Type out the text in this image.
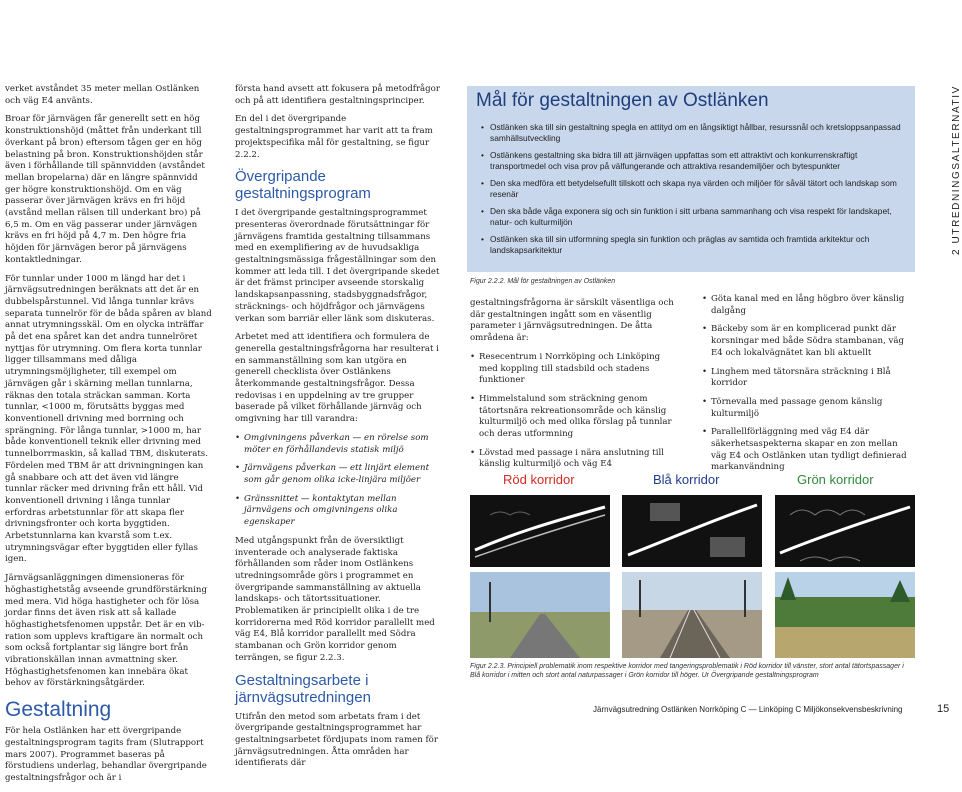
verket avståndet 35 meter mellan Ostlänken och väg E4 använts.

Broar för järnvägen får generellt sett en hög konstruktionshöjd (måttet från underkant till överkant på bron) eftersom tågen ger en hög belastning på bron. Konstruktionshöjden står även i förhållande till spännvidden (avståndet mellan bropelarna) där en längre spännvidd ger högre konstruktionshöjd. Om en väg passerar över järnvägen krävs en fri höjd (avstånd mellan rälsen till underkant bro) på 6,5 m. Om en väg passerar under järnvägen krävs en fri höjd på 4,7 m. Den högre fria höjden för järnvägen beror på järnvägens kontaktledningar.

För tunnlar under 1000 m längd har det i järnvägsutredningen beräknats att det är en dubbelspårstunnel. Vid långa tunnlar krävs separata tunnelrör för de båda spåren av bland annat utrymningsskäl. Om en olycka inträffar på det ena spåret kan det andra tunnelröret nyttjas för utrymning. Om flera korta tunnlar ligger tillsammans med dåliga utrymningsmöjligheter, till exempel om järnvägen går i skärning mellan tunnlarna, räknas den totala sträckan samman. Korta tunnlar, <1000 m, förutsätts byggas med konventionell drivning med borrning och sprängning. För långa tunnlar, >1000 m, har både konventionell teknik eller drivning med tunnelborrmaskin, så kallad TBM, diskuterats. Fördelen med TBM är att drivningningen kan gå snabbare och att det även vid längre tunnlar räcker med drivning från ett håll. Vid konventionell drivning i långa tunnlar erfordras arbetstunnlar för att skapa fler drivningsfronter och korta byggtiden. Arbetstunnlarna kan kvarstå som t.ex. utrymningsvägar efter byggtiden eller fyllas igen.

Järnvägsanläggningen dimensioneras för höghastighetståg avseende grundförstärkning med mera. Vid höga hastigheter och för lösa jordar finns det även risk att så kallade höghastighetsfenomen uppstår. Det är en vib-ration som upplevs kraftigare än normalt och som också fortplantar sig längre bort från vibrationskällan innan avmattning sker. Höghastighetsfenomen kan innebära ökat behov av förstärkningsåtgärder.

Gestaltning

För hela Ostlänken har ett övergripande gestaltningsprogram tagits fram (Slutrapport mars 2007). Programmet baseras på förstudiens underlag, behandlar övergripande gestaltningsfrågor och är i

första hand avsett att fokusera på metodfrågor och på att identifiera gestaltningsprinciper.

En del i det övergripande gestaltningsprogrammet har varit att ta fram projektspecifika mål för gestaltning, se figur 2.2.2.

Övergripande gestaltningsprogram

I det övergripande gestaltningsprogrammet presenteras överordnade förutsättningar för järnvägens framtida gestaltning tillsammans med en exemplifiering av de huvudsakliga gestaltningsmässiga frågeställningar som den kommer att leda till. I det övergripande skedet är det främst principer avseende storskalig landskapsanpassning, stadsbyggnadsfrågor, sträcknings- och höjdfrågor och järnvägens verkan som barriär eller länk som diskuteras.

Arbetet med att identifiera och formulera de generella gestaltningsfrågorna har resulterat i en sammanställning som kan utgöra en generell checklista över Ostlänkens återkommande gestaltningsfrågor. Dessa redovisas i en uppdelning av tre grupper baserade på vilket förhållande järnväg och omgivning har till varandra:

• Omgivningens påverkan — en rörelse som möter en förhållandevis statisk miljö
• Järnvägens påverkan — ett linjärt element som går genom olika icke-linjära miljöer
• Gränssnittet — kontaktytan mellan järnvägens och omgivningens olika egenskaper

Med utgångspunkt från de översiktligt inventerade och analyserade faktiska förhållanden som råder inom Ostlänkens utredningsområde görs i programmet en övergripande sammanställning av aktuella landskaps- och tätortssituationer. Problematiken är principiellt olika i de tre korridorerna med Röd korridor parallellt med väg E4, Blå korridor parallellt med Södra stambanan och Grön korridor genom terrängen, se figur 2.2.3.

Gestaltningsarbete i järnvägsutredningen

Utifrån den metod som arbetats fram i det övergripande gestaltningsprogrammet har gestaltningsarbetet fördjupats inom ramen för järnvägsutredningen. Åtta områden har identifierats där

Mål för gestaltningen av Ostlänken
• Ostlänken ska till sin gestaltning spegla en attityd om en långsiktigt hållbar, resurssnål och kretsloppsanpassad samhällsutveckling
• Ostlänkens gestaltning ska bidra till att järnvägen uppfattas som ett attraktivt och konkurrenskraftigt transportmedel och visa prov på välfungerande och attraktiva resandemiljöer och bytespunkter
• Den ska medföra ett betydelsefullt tillskott och skapa nya värden och miljöer för såväl tätort och landskap som resenär
• Den ska både våga exponera sig och sin funktion i sitt urbana sammanhang och visa respekt för landskapet, natur- och kulturmiljön
• Ostlänken ska till sin utformning spegla sin funktion och präglas av samtida och framtida arkitektur och landskapsarkitektur
Figur 2.2.2. Mål för gestaltningen av Ostlänken

gestaltningsfrågorna är särskilt väsentliga och där gestaltningen ingått som en väsentlig parameter i järnvägsutredningen. De åtta områdena är:

• Resecentrum i Norrköping och Linköping med koppling till stadsbild och stadens funktioner
• Himmelstalund som sträckning genom tätortsnära rekreationsområde och känslig kulturmiljö och med olika förslag på tunnlar och deras utformning
• Lövstad med passage i nära anslutning till känslig kulturmiljö och väg E4
• Göta kanal med en lång högbro över känslig dalgång
• Bäckeby som är en komplicerad punkt där korsningar med både Södra stambanan, väg E4 och lokalvägnätet kan bli aktuellt
• Linghem med tätorsnära sträckning i Blå korridor
• Törnevalla med passage genom känslig kulturmiljö
• Parallellförläggning med väg E4 där säkerhetsaspekterna skapar en zon mellan väg E4 och Ostlänken utan tydligt definierad markanvändning
Röd korridor	Blå korridor	Grön korridor
Figur 2.2.3. Principiell problematik inom respektive korridor med tangeringsproblematik i Röd korridor till vänster, stort antal tätortspassager i Blå korridor i mitten och stort antal naturpassager i Grön korridor till höger. Ur Övergripande gestaltningsprogram
2 UTREDNINGSALTERNATIV
Järnvägsutredning Ostlänken Norrköping C — Linköping C Miljökonsekvensbeskrivning	15
